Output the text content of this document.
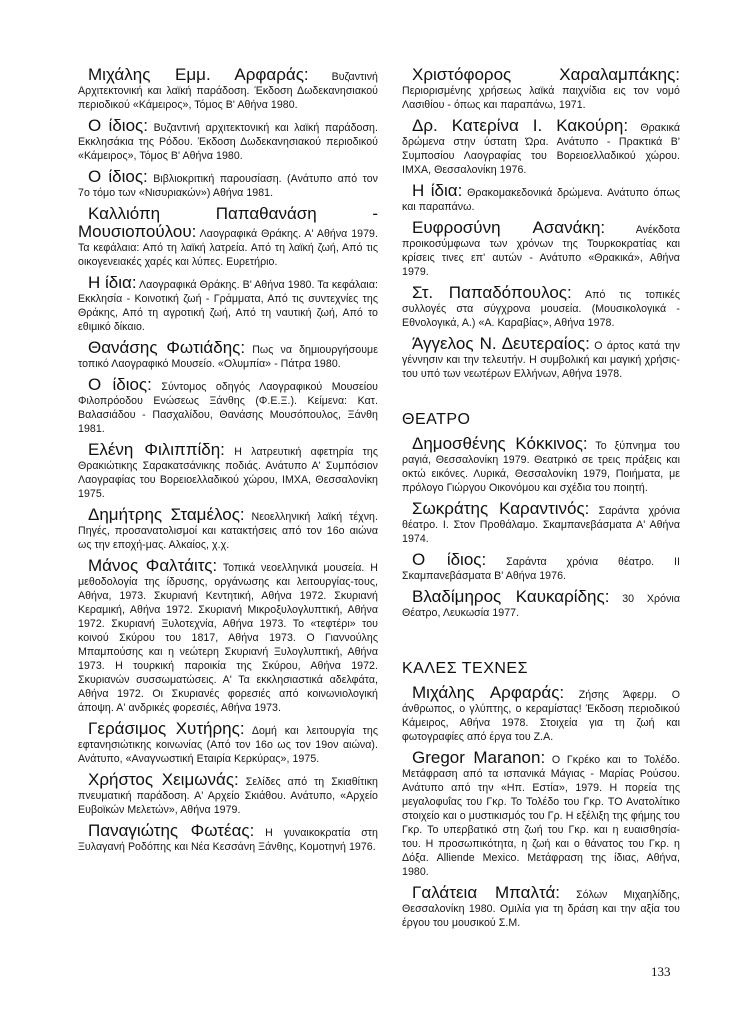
Μιχάλης Εμμ. Αρφαράς: Βυζαντινή Αρχιτεκτονική και λαϊκή παράδοση. Έκδοση Δωδεκανησιακού περιοδικού «Κάμειρος», Τόμος Β' Αθήνα 1980.

Ο ίδιος: Βυζαντινή αρχιτεκτονική και λαϊκή παράδοση. Εκκλησάκια της Ρόδου. Έκδοση Δωδεκανησιακού περιοδικού «Κάμειρος», Τόμος Β' Αθήνα 1980.

Ο ίδιος: Βιβλιοκριτική παρουσίαση. (Ανάτυπο από τον 7ο τόμο των «Νισυριακών») Αθήνα 1981.

Καλλιόπη Παπαθανάση - Μουσιοπούλου: Λαογραφικά Θράκης. Α' Αθήνα 1979. Τα κεφάλαια: Από τη λαϊκή λατρεία. Από τη λαϊκή ζωή, Από τις οικογενειακές χαρές και λύπες. Ευρετήριο.

Η ίδια: Λαογραφικά Θράκης. Β' Αθήνα 1980. Τα κεφάλαια: Εκκλησία - Κοινοτική ζωή - Γράμματα, Από τις συντεχνίες της Θράκης, Από τη αγροτική ζωή, Από τη ναυτική ζωή, Από το εθιμικό δίκαιο.

Θανάσης Φωτιάδης: Πως να δημιουργήσουμε τοπικό Λαογραφικό Μουσείο. «Ολυμπία» - Πάτρα 1980.

Ο ίδιος: Σύντομος οδηγός Λαογραφικού Μουσείου Φιλοπρόοδου Ενώσεως Ξάνθης (Φ.Ε.Ξ.). Κείμενα: Κατ. Βαλασιάδου - Πασχαλίδου, Θανάσης Μουσόπουλος, Ξάνθη 1981.

Ελένη Φιλιππίδη: Η λατρευτική αφετηρία της Θρακιώτικης Σαρακατσάνικης ποδιάς. Ανάτυπο Α' Συμπόσιον Λαογραφίας του Βορειοελλαδικού χώρου, ΙΜΧΑ, Θεσσαλονίκη 1975.

Δημήτρης Σταμέλος: Νεοελληνική λαϊκή τέχνη. Πηγές, προσανατολισμοί και κατακτήσεις από τον 16ο αιώνα ως την εποχή-μας. Αλκαίος, χ.χ.

Μάνος Φαλτάιτς: Τοπικά νεοελληνικά μουσεία. Η μεθοδολογία της ίδρυσης, οργάνωσης και λειτουργίας-τους, Αθήνα, 1973. Σκυριανή Κεντητική, Αθήνα 1972. Σκυριανή Κεραμική, Αθήνα 1972. Σκυριανή Μικροξυλογλυπτική, Αθήνα 1972. Σκυριανή Ξυλοτεχνία, Αθήνα 1973. Το «τεφτέρι» του κοινού Σκύρου του 1817, Αθήνα 1973. Ο Γιαννούλης Μπαμπούσης και η νεώτερη Σκυριανή Ξυλογλυπτική, Αθήνα 1973. Η τουρκική παροικία της Σκύρου, Αθήνα 1972. Σκυριανών συσσωματώσεις. Α' Τα εκκλησιαστικά αδελφάτα, Αθήνα 1972. Οι Σκυριανές φορεσιές από κοινωνιολογική άποψη. Α' ανδρικές φορεσιές, Αθήνα 1973.

Γεράσιμος Χυτήρης: Δομή και λειτουργία της εφτανησιώτικης κοινωνίας (Από τον 16ο ως τον 19ον αιώνα). Ανάτυπο, «Αναγνωστική Εταιρία Κερκύρας», 1975.

Χρήστος Χειμωνάς: Σελίδες από τη Σκιαθίτικη πνευματική παράδοση. Α' Αρχείο Σκιάθου. Ανάτυπο, «Αρχείο Ευβοϊκών Μελετών», Αθήνα 1979.

Παναγιώτης Φωτέας: Η γυναικοκρατία στη Ξυλαγανή Ροδόπης και Νέα Κεσσάνη Ξάνθης, Κομοτηνή 1976.

Χριστόφορος Χαραλαμπάκης: Περιορισμένης χρήσεως λαϊκά παιχνίδια εις τον νομό Λασιθίου - όπως και παραπάνω, 1971.

Δρ. Κατερίνα Ι. Κακούρη: Θρακικά δρώμενα στην ύστατη Ώρα. Ανάτυπο - Πρακτικά Β' Συμποσίου Λαογραφίας του Βορειοελλαδικού χώρου. ΙΜΧΑ, Θεσσαλονίκη 1976.

Η ίδια: Θρακομακεδονικά δρώμενα. Ανάτυπο όπως και παραπάνω.

Ευφροσύνη Ασανάκη:	Ανέκδοτα προικοσύμφωνα των χρόνων της Τουρκοκρατίας και κρίσεις τινες επ' αυτών - Ανάτυπο «Θρακικά», Αθήνα 1979.

Στ. Παπαδόπουλος: Από τις τοπικές συλλογές στα σύγχρονα μουσεία. (Μουσικολογικά - Εθνολογικά, Α.) «Α. Καραβίας», Αθήνα 1978.

Άγγελος Ν. Δευτεραίος: Ο άρτος κατά την γέννησιν και την τελευτήν. Η συμβολική και μαγική χρήσις-του υπό των νεωτέρων Ελλήνων, Αθήνα 1978.

ΘΕΑΤΡΟ

Δημοσθένης Κόκκινος: Το ξύπνημα του ραγιά, Θεσσαλονίκη 1979. Θεατρικό σε τρεις πράξεις και οκτώ εικόνες. Λυρικά, Θεσσαλονίκη 1979, Ποιήματα, με πρόλογο Γιώργου Οικονόμου και σχέδια του ποιητή.

Σωκράτης Καραντινός: Σαράντα χρόνια θέατρο. Ι. Στον Προθάλαμο. Σκαμπανεβάσματα Α' Αθήνα 1974.

Ο ίδιος: Σαράντα χρόνια θέατρο. ΙΙ Σκαμπανεβάσματα Β' Αθήνα 1976.

Βλαδίμηρος Καυκαρίδης: 30 Χρόνια Θέατρο, Λευκωσία 1977.

ΚΑΛΕΣ ΤΕΧΝΕΣ

Μιχάλης Αρφαράς: Ζήσης Άφερμ. Ο άνθρωπος, ο γλύπτης, ο κεραμίστας! Έκδοση περιοδικού Κάμειρος, Αθήνα 1978. Στοιχεία για τη ζωή και φωτογραφίες από έργα του Ζ.Α.

Gregor Maranon: Ο Γκρέκο και το Τολέδο. Μετάφραση από τα ισπανικά Μάγιας - Μαρίας Ρούσου. Ανάτυπο από την «Ηπ. Εστία», 1979. Η πορεία της μεγαλοφυΐας του Γκρ. Το Τολέδο του Γκρ. ΤΟ Ανατολίτικο στοιχείο και ο μυστικισμός του Γρ. Η εξέλιξη της φήμης του Γκρ. Το υπερβατικό στη ζωή του Γκρ. και η ευαισθησία-του. Η προσωπικότητα, η ζωή και ο θάνατος του Γκρ. η Δόξα. Alliende Mexico. Μετάφραση της ίδιας, Αθήνα, 1980.

Γαλάτεια Μπαλτά: Σόλων Μιχαηλίδης, Θεσσαλονίκη 1980. Ομιλία για τη δράση και την αξία του έργου του μουσικού Σ.Μ.

133
